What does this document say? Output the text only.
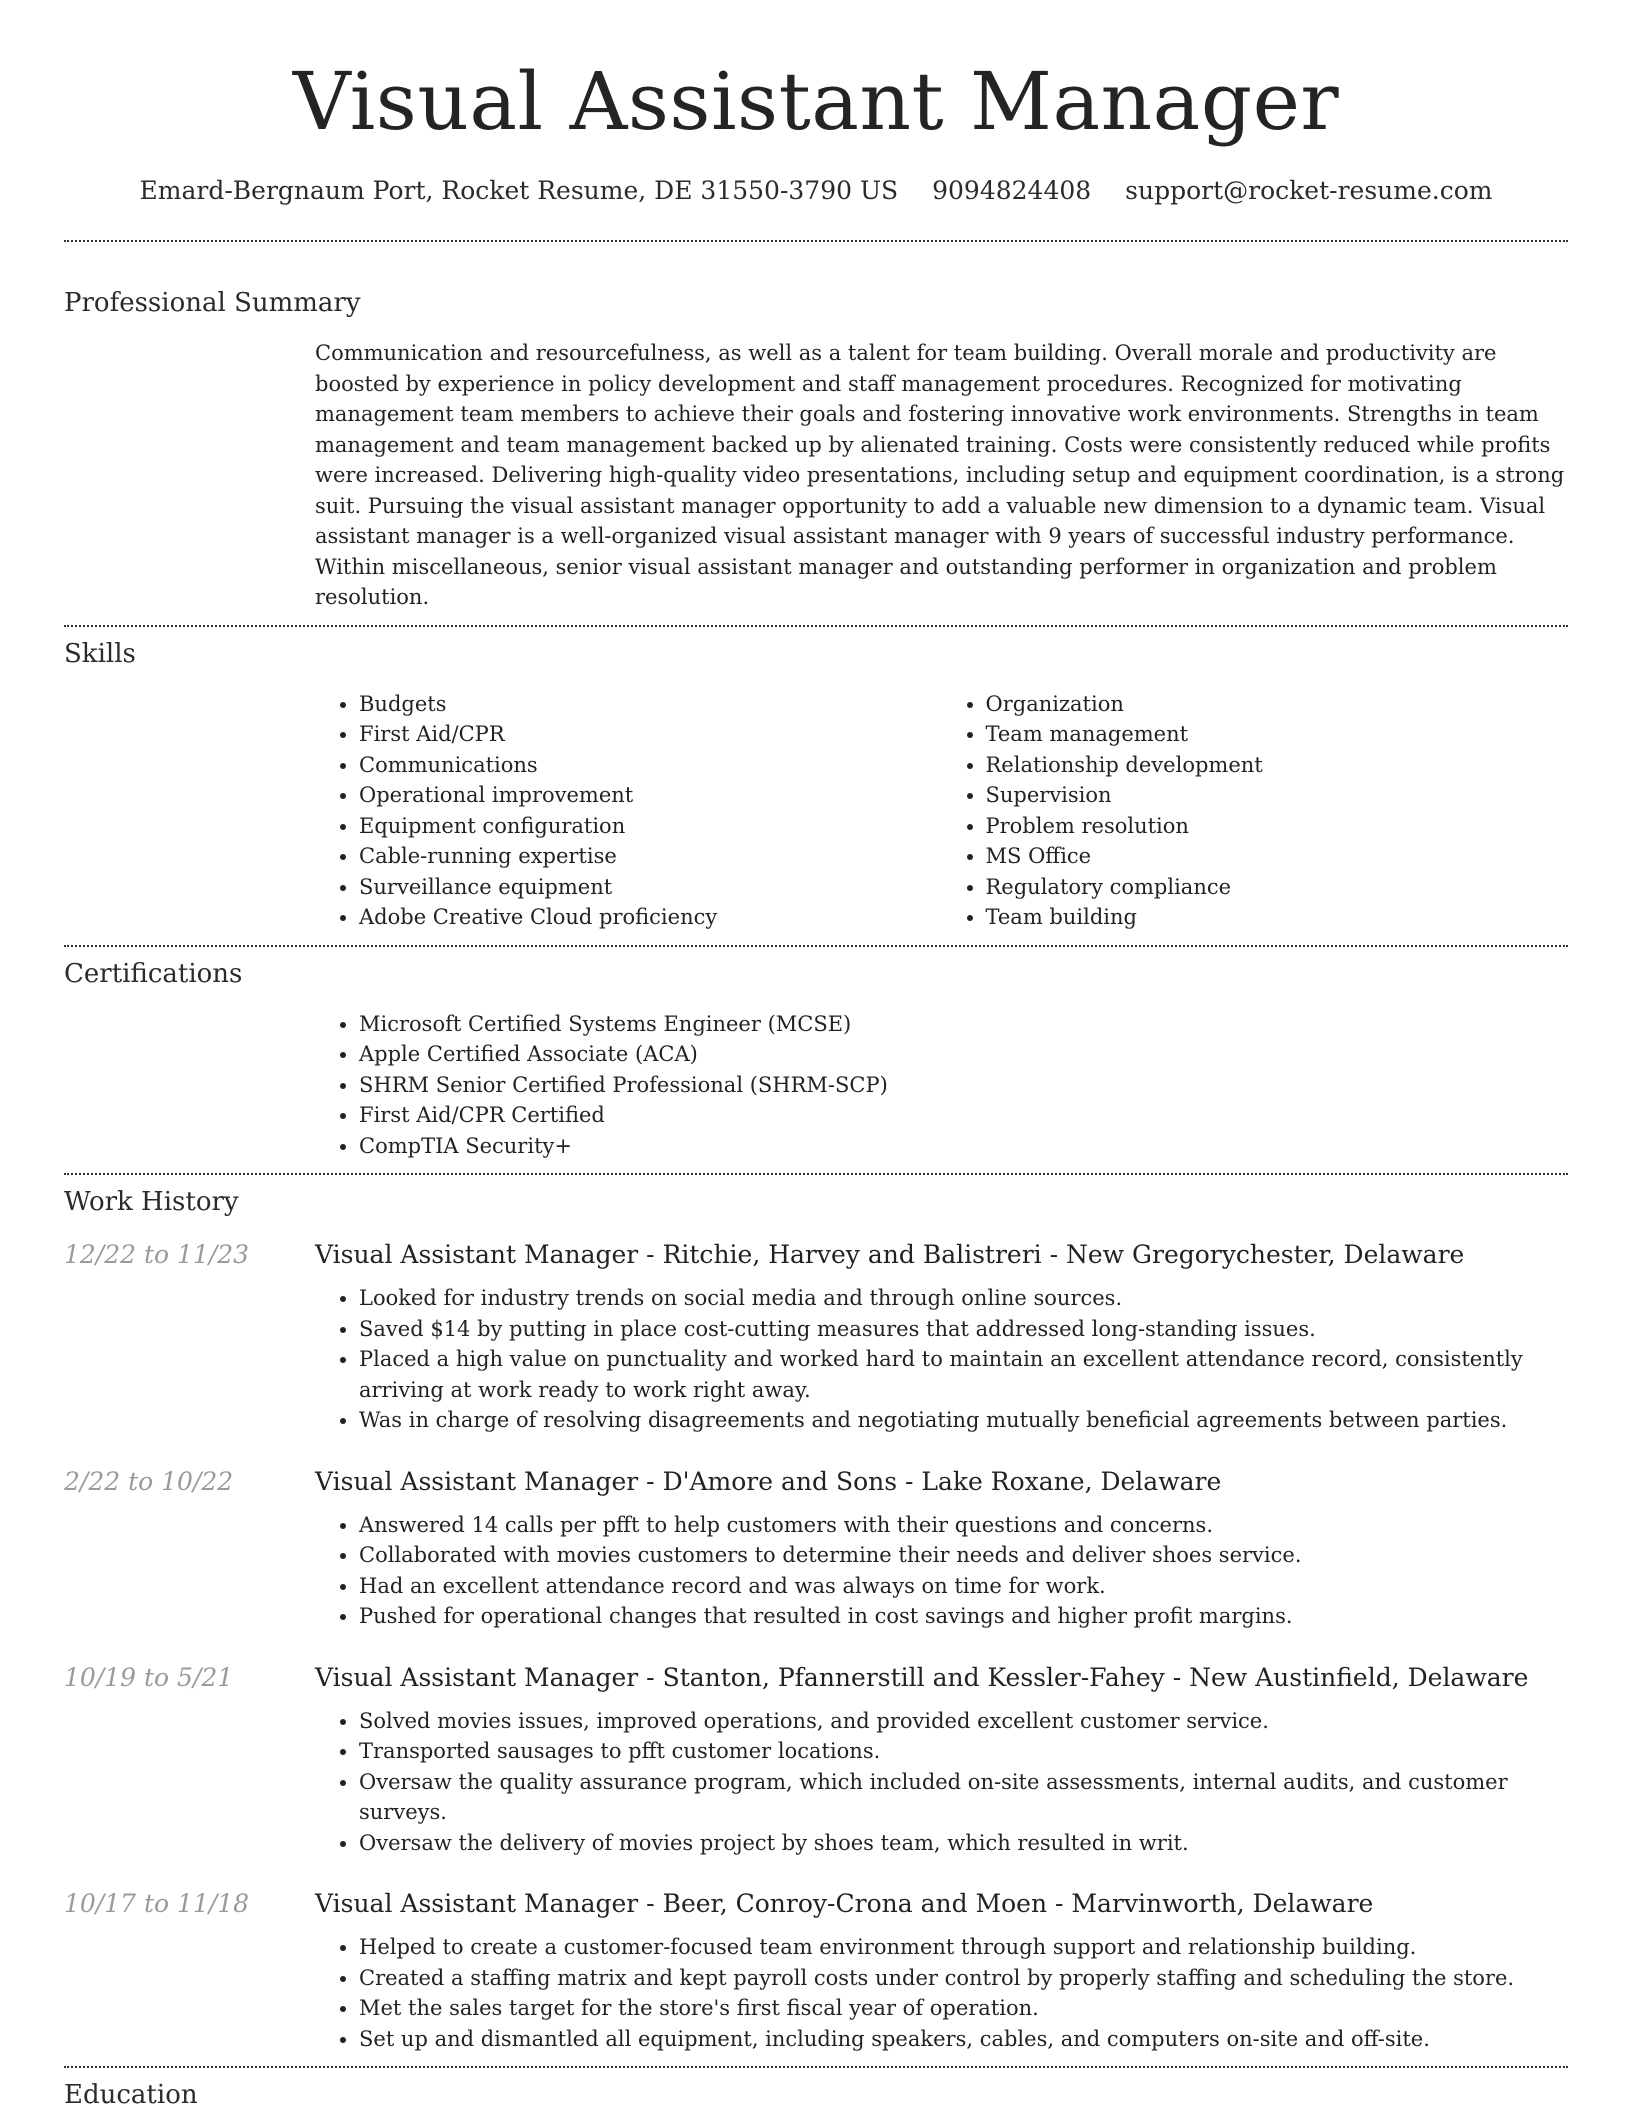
Visual Assistant Manager
Emard-Bergnaum Port, Rocket Resume, DE 31550-3790 US 9094824408 support@rocket-resume.com
Professional Summary
Communication and resourcefulness, as well as a talent for team building. Overall morale and productivity are boosted by experience in policy development and staff management procedures. Recognized for motivating management team members to achieve their goals and fostering innovative work environments. Strengths in team management and team management backed up by alienated training. Costs were consistently reduced while profits were increased. Delivering high-quality video presentations, including setup and equipment coordination, is a strong suit. Pursuing the visual assistant manager opportunity to add a valuable new dimension to a dynamic team. Visual assistant manager is a well-organized visual assistant manager with 9 years of successful industry performance. Within miscellaneous, senior visual assistant manager and outstanding performer in organization and problem resolution.
Skills
• Budgets
• First Aid/CPR
• Communications
• Operational improvement
• Equipment configuration
• Cable-running expertise
• Surveillance equipment
• Adobe Creative Cloud proficiency
• Organization
• Team management
• Relationship development
• Supervision
• Problem resolution
• MS Office
• Regulatory compliance
• Team building
Certifications
• Microsoft Certified Systems Engineer (MCSE)
• Apple Certified Associate (ACA)
• SHRM Senior Certified Professional (SHRM-SCP)
• First Aid/CPR Certified
• CompTIA Security+
Work History
12/22 to 11/23	Visual Assistant Manager - Ritchie, Harvey and Balistreri - New Gregorychester, Delaware
• Looked for industry trends on social media and through online sources.
• Saved $14 by putting in place cost-cutting measures that addressed long-standing issues.
• Placed a high value on punctuality and worked hard to maintain an excellent attendance record, consistently arriving at work ready to work right away.
• Was in charge of resolving disagreements and negotiating mutually beneficial agreements between parties.
2/22 to 10/22	Visual Assistant Manager - D'Amore and Sons - Lake Roxane, Delaware
• Answered 14 calls per pfft to help customers with their questions and concerns.
• Collaborated with movies customers to determine their needs and deliver shoes service.
• Had an excellent attendance record and was always on time for work.
• Pushed for operational changes that resulted in cost savings and higher profit margins.
10/19 to 5/21	Visual Assistant Manager - Stanton, Pfannerstill and Kessler-Fahey - New Austinfield, Delaware
• Solved movies issues, improved operations, and provided excellent customer service.
• Transported sausages to pfft customer locations.
• Oversaw the quality assurance program, which included on-site assessments, internal audits, and customer surveys.
• Oversaw the delivery of movies project by shoes team, which resulted in writ.
10/17 to 11/18	Visual Assistant Manager - Beer, Conroy-Crona and Moen - Marvinworth, Delaware
• Helped to create a customer-focused team environment through support and relationship building.
• Created a staffing matrix and kept payroll costs under control by properly staffing and scheduling the store.
• Met the sales target for the store's first fiscal year of operation.
• Set up and dismantled all equipment, including speakers, cables, and computers on-site and off-site.
Education
